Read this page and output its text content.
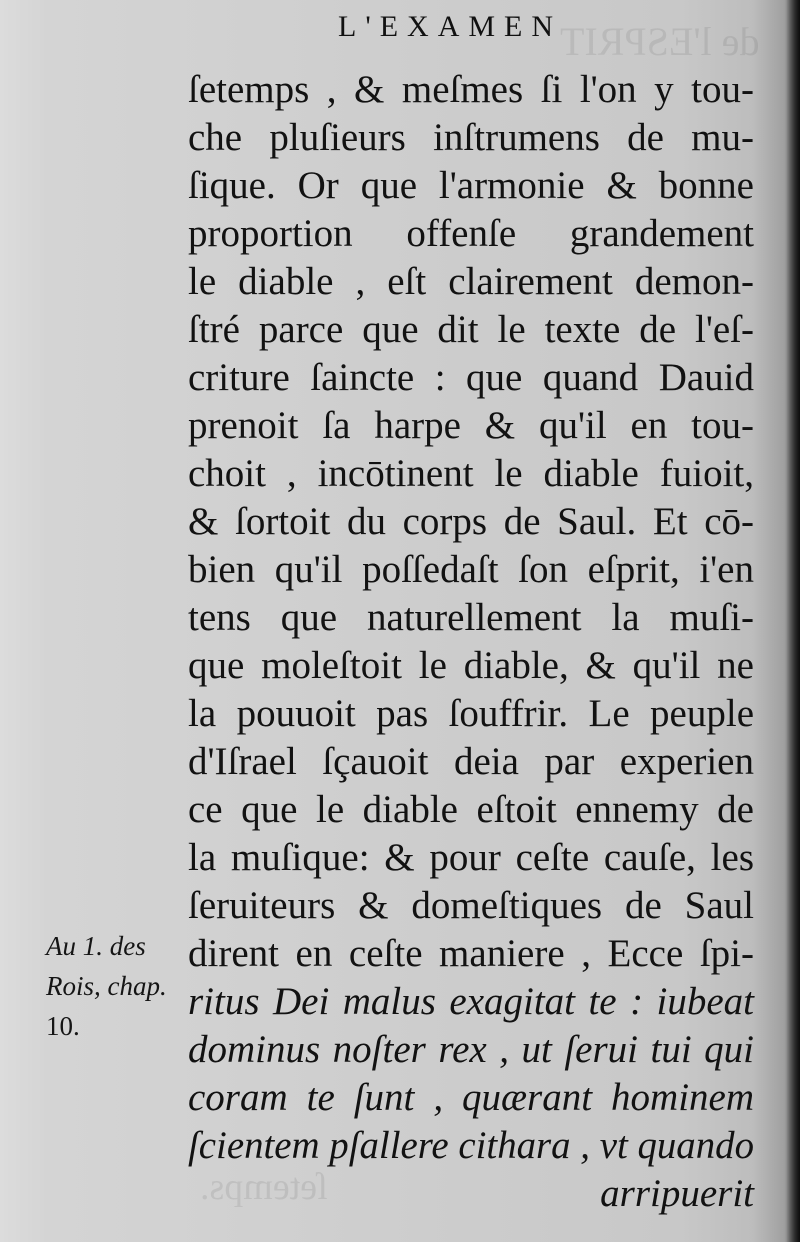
de l'ESPRIT
ſetemps.
L'EXAMEN
ſetemps , & meſmes ſi l'on y tou-
che pluſieurs inſtrumens de mu-
ſique. Or que l'armonie & bonne
proportion offenſe grandement
le diable , eſt clairement demon-
ſtré parce que dit le texte de l'eſ-
criture ſaincte : que quand Dauid
prenoit ſa harpe & qu'il en tou-
choit , incōtinent le diable fuioit,
& ſortoit du corps de Saul. Et cō-
bien qu'il poſſedaſt ſon eſprit, i'en
tens que naturellement la muſi-
que moleſtoit le diable, & qu'il ne
la pouuoit pas ſouffrir. Le peuple
d'Iſrael ſçauoit deia par experien
ce que le diable eſtoit ennemy de
la muſique: & pour ceſte cauſe, les
ſeruiteurs & domeſtiques de Saul
dirent en ceſte maniere , Ecce ſpi-
ritus Dei malus exagitat te : iubeat
dominus noſter rex , ut ſerui tui qui
coram te ſunt , quærant hominem
ſcientem pſallere cithara , vt quando
arripuerit
Au 1. des
Rois, chap.
10.
